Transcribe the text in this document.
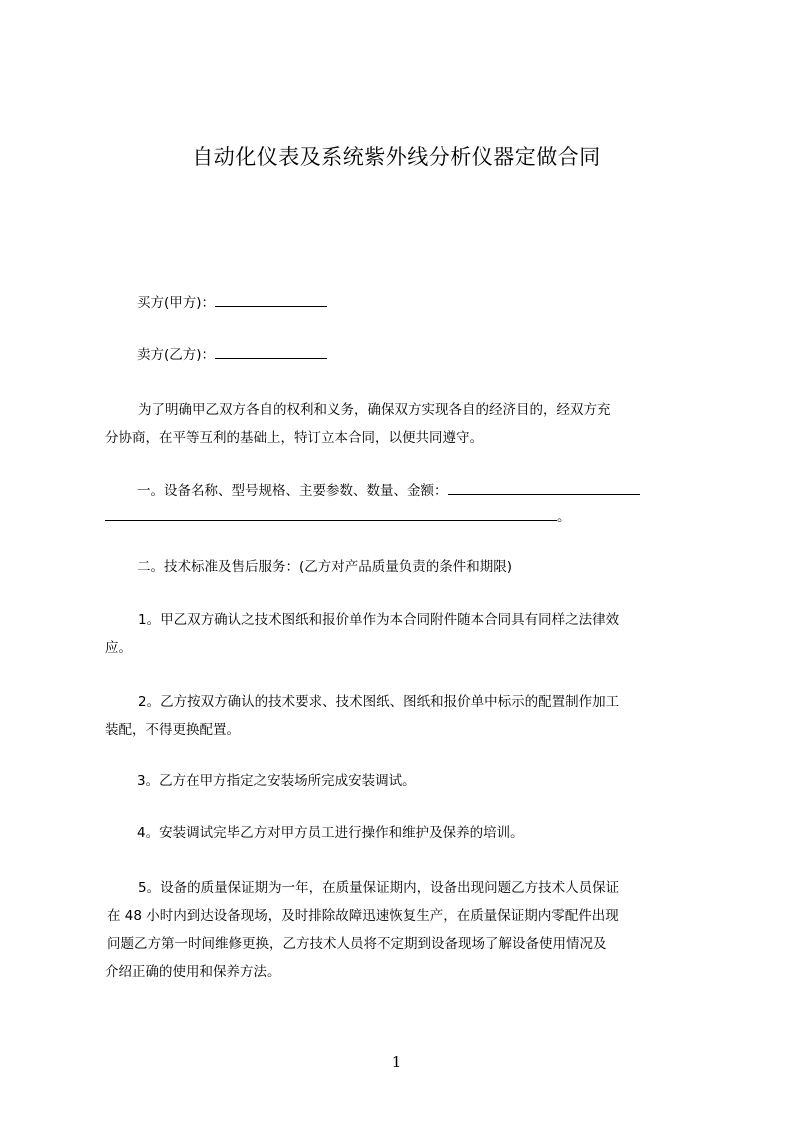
自动化仪表及系统紫外线分析仪器定做合同
买方(甲方)：
卖方(乙方)：
为了明确甲乙双方各自的权利和义务，确保双方实现各自的经济目的，经双方充
分协商，在平等互利的基础上，特订立本合同，以便共同遵守。
一。设备名称、型号规格、主要参数、数量、金额：
。
二。技术标准及售后服务：(乙方对产品质量负责的条件和期限)
1。甲乙双方确认之技术图纸和报价单作为本合同附件随本合同具有同样之法律效
应。
2。乙方按双方确认的技术要求、技术图纸、图纸和报价单中标示的配置制作加工
装配，不得更换配置。
3。乙方在甲方指定之安装场所完成安装调试。
4。安装调试完毕乙方对甲方员工进行操作和维护及保养的培训。
5。设备的质量保证期为一年，在质量保证期内，设备出现问题乙方技术人员保证
在 48 小时内到达设备现场，及时排除故障迅速恢复生产，在质量保证期内零配件出现
问题乙方第一时间维修更换，乙方技术人员将不定期到设备现场了解设备使用情况及
介绍正确的使用和保养方法。
1
